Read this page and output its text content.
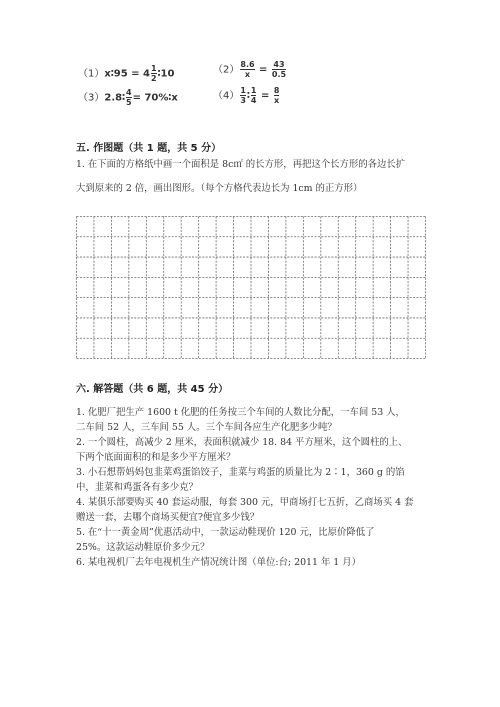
（1）x∶95 = $4 \frac{1}{2}$ ∶10	$(2) \frac{8.6}{x} = \frac{43}{0.5}$
（3）2.8∶ $\frac{4}{5}$ = 70%∶x	$(4) \frac{1}{3}$ ∶ $\frac{1}{4} = \frac{8}{x}$
五. 作图题（共 1 题，共 5 分）
1. 在下面的方格纸中画一个面积是 8c㎡ 的长方形，再把这个长方形的各边长扩
大到原来的 2 倍，画出图形。（每个方格代表边长为 1cm 的正方形）
六. 解答题（共 6 题，共 45 分）
1. 化肥厂把生产 1600 t 化肥的任务按三个车间的人数比分配，一车间 53 人，
二车间 52 人，三车间 55 人。三个车间各应生产化肥多少吨？
2. 一个圆柱，高减少 2 厘米，表面积就减少 18. 84 平方厘米，这个圆柱的上、
下两个底面面积的和是多少平方厘米？
3. 小石想帮妈妈包韭菜鸡蛋馅饺子，韭菜与鸡蛋的质量比为 2∶1，360 g 的馅
中，韭菜和鸡蛋各有多少克？
4. 某俱乐部要购买 40 套运动服，每套 300 元，甲商场打七五折，乙商场买 4 套
赠送一套，去哪个商场买便宜?便宜多少钱？
5. 在“十一黄金周”优惠活动中，一款运动鞋现价 120 元，比原价降低了
25%。这款运动鞋原价多少元？
6. 某电视机厂去年电视机生产情况统计图（单位:台; 2011 年 1 月）
